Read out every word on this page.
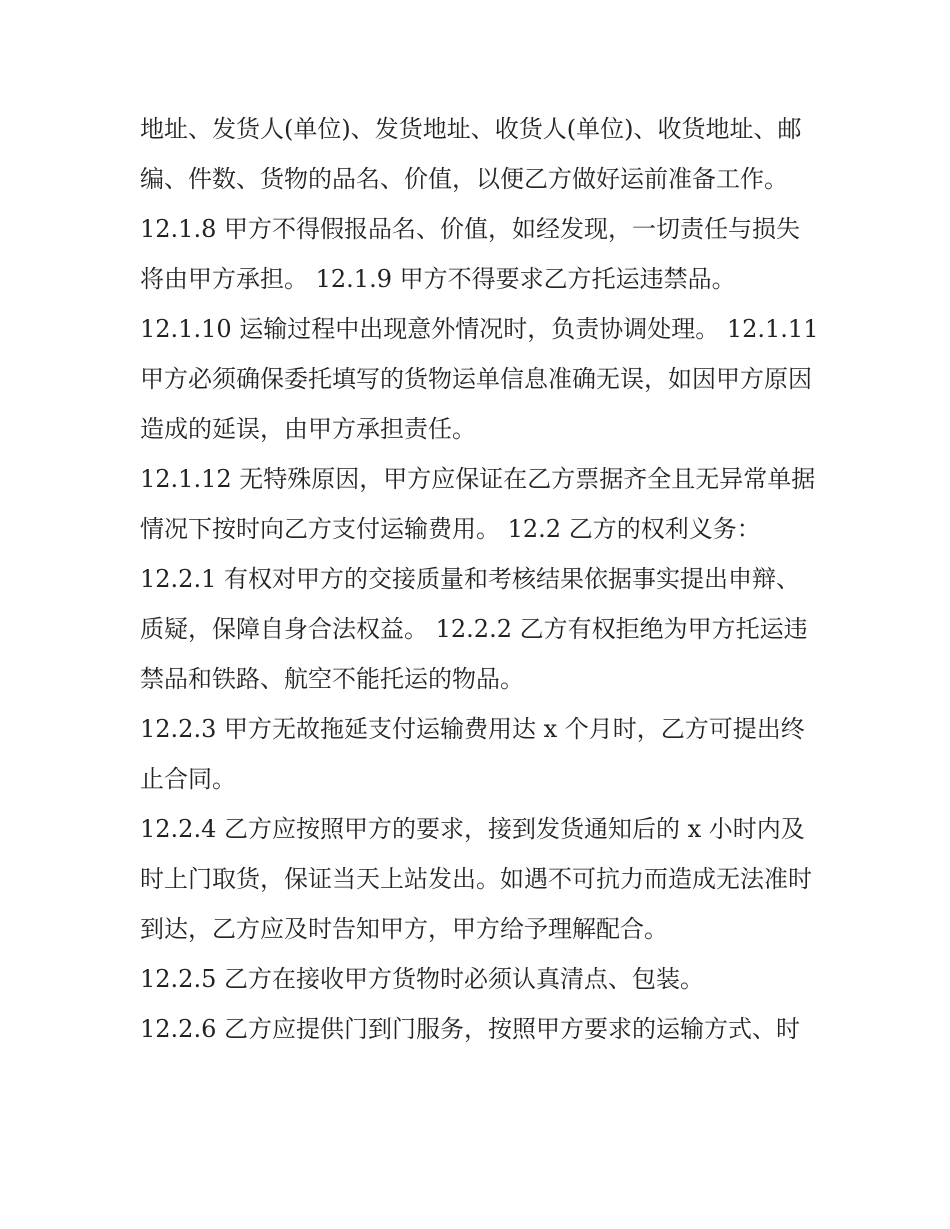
地址、发货人(单位)、发货地址、收货人(单位)、收货地址、邮编、件数、货物的品名、价值，以便乙方做好运前准备工作。

12.1.8 甲方不得假报品名、价值，如经发现，一切责任与损失将由甲方承担。 12.1.9 甲方不得要求乙方托运违禁品。

12.1.10 运输过程中出现意外情况时，负责协调处理。 12.1.11 甲方必须确保委托填写的货物运单信息准确无误，如因甲方原因造成的延误，由甲方承担责任。

12.1.12 无特殊原因，甲方应保证在乙方票据齐全且无异常单据情况下按时向乙方支付运输费用。 12.2 乙方的权利义务：

12.2.1 有权对甲方的交接质量和考核结果依据事实提出申辩、质疑，保障自身合法权益。 12.2.2 乙方有权拒绝为甲方托运违禁品和铁路、航空不能托运的物品。

12.2.3 甲方无故拖延支付运输费用达 x 个月时，乙方可提出终止合同。

12.2.4 乙方应按照甲方的要求，接到发货通知后的 x 小时内及时上门取货，保证当天上站发出。如遇不可抗力而造成无法准时到达，乙方应及时告知甲方，甲方给予理解配合。

12.2.5 乙方在接收甲方货物时必须认真清点、包装。

12.2.6 乙方应提供门到门服务，按照甲方要求的运输方式、时
